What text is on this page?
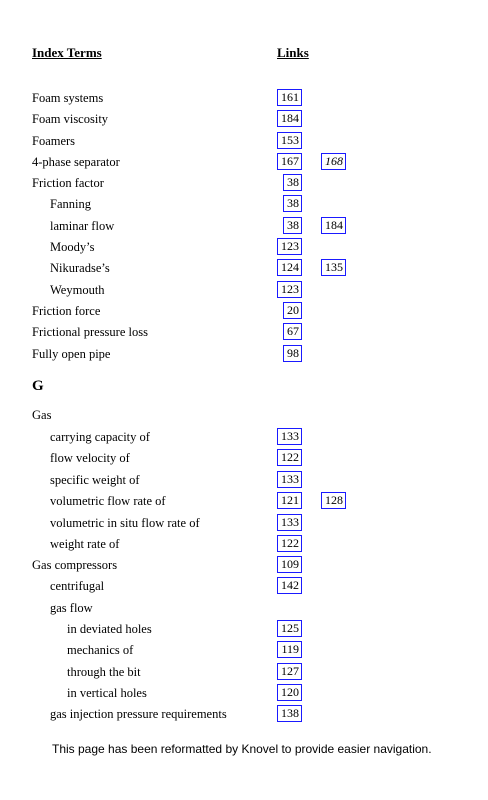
Index Terms	Links
Foam systems	161
Foam viscosity	184
Foamers	153
4-phase separator	167	168
Friction factor	38
Fanning	38
laminar flow	38	184
Moody’s	123
Nikuradse’s	124	135
Weymouth	123
Friction force	20
Frictional pressure loss	67
Fully open pipe	98
G
Gas
carrying capacity of	133
flow velocity of	122
specific weight of	133
volumetric flow rate of	121	128
volumetric in situ flow rate of	133
weight rate of	122
Gas compressors	109
centrifugal	142
gas flow
in deviated holes	125
mechanics of	119
through the bit	127
in vertical holes	120
gas injection pressure requirements	138
This page has been reformatted by Knovel to provide easier navigation.
